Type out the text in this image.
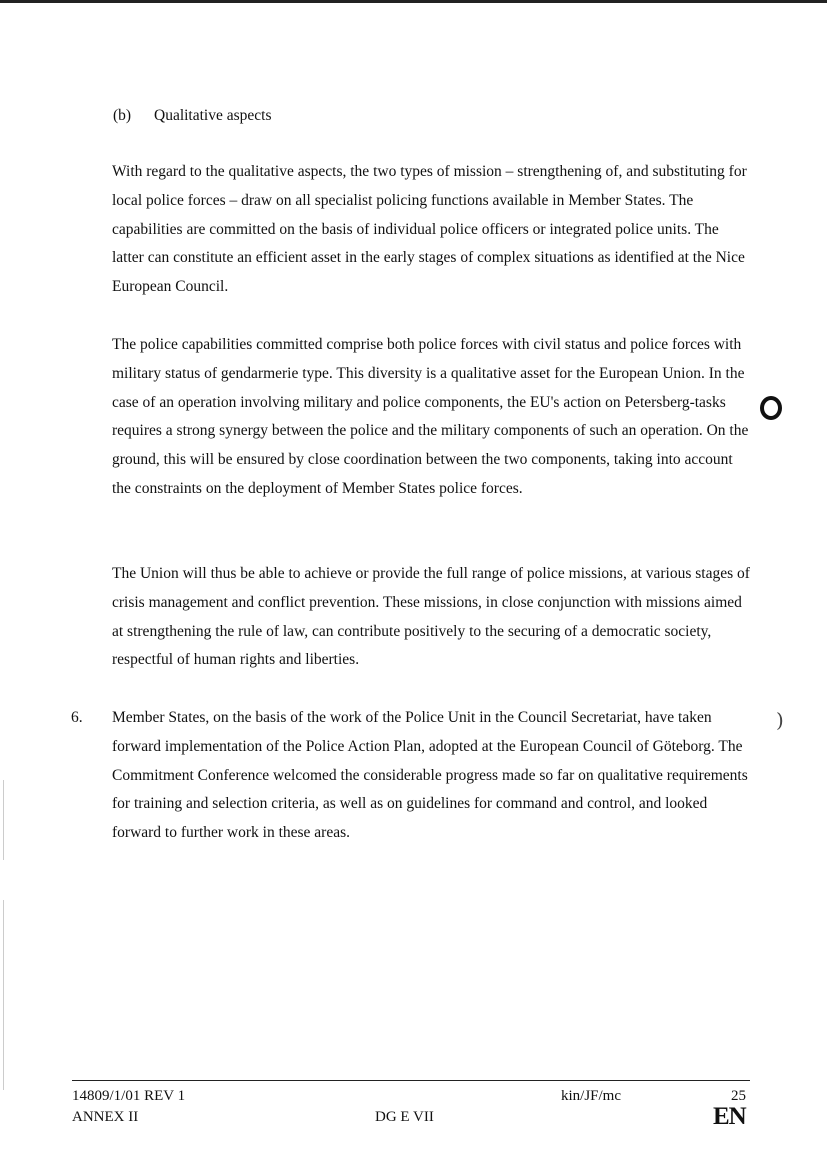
(b) Qualitative aspects

With regard to the qualitative aspects, the two types of mission – strengthening of, and substituting for local police forces – draw on all specialist policing functions available in Member States. The capabilities are committed on the basis of individual police officers or integrated police units. The latter can constitute an efficient asset in the early stages of complex situations as identified at the Nice European Council.

The police capabilities committed comprise both police forces with civil status and police forces with military status of gendarmerie type. This diversity is a qualitative asset for the European Union. In the case of an operation involving military and police components, the EU's action on Petersberg-tasks requires a strong synergy between the police and the military components of such an operation. On the ground, this will be ensured by close coordination between the two components, taking into account the constraints on the deployment of Member States police forces.

The Union will thus be able to achieve or provide the full range of police missions, at various stages of crisis management and conflict prevention. These missions, in close conjunction with missions aimed at strengthening the rule of law, can contribute positively to the securing of a democratic society, respectful of human rights and liberties.

6. Member States, on the basis of the work of the Police Unit in the Council Secretariat, have taken forward implementation of the Police Action Plan, adopted at the European Council of Göteborg. The Commitment Conference welcomed the considerable progress made so far on qualitative requirements for training and selection criteria, as well as on guidelines for command and control, and looked forward to further work in these areas.

)
14809/1/01 REV 1
ANNEX II	DG E VII
kin/JF/mc	25
EN
